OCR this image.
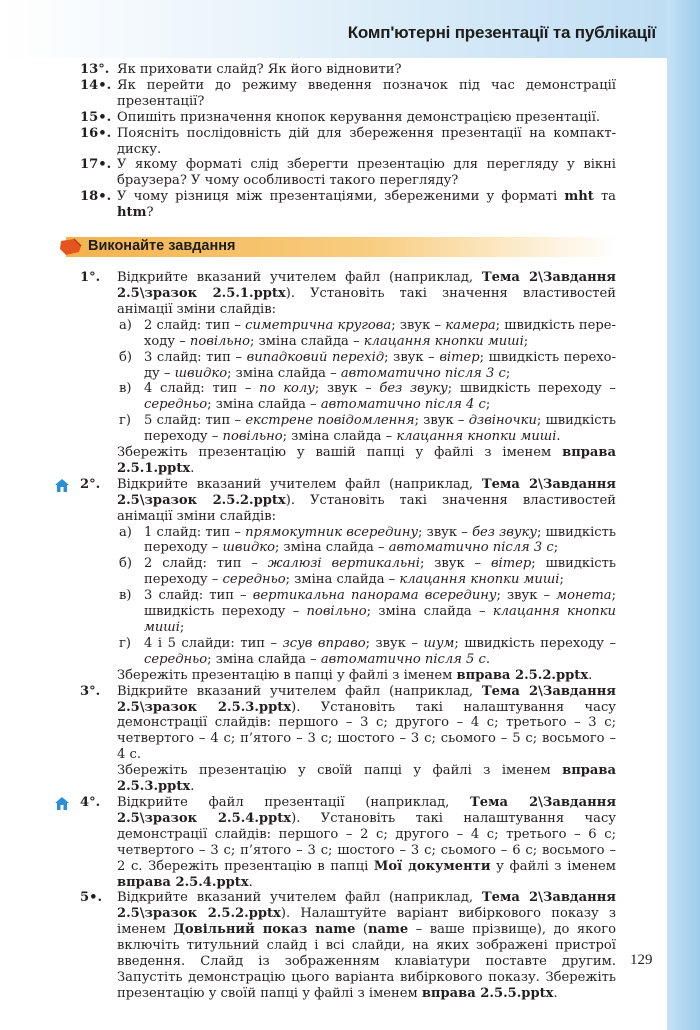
Комп'ютерні презентації та публікації

13°. Як приховати слайд? Як його відновити?

14•. Як перейти до режиму введення позначок під час демонстрації презентації?

15•. Опишіть призначення кнопок керування демонстрацією презентації.

16•. Поясніть послідовність дій для збереження презентації на компакт-диску.

17•. У якому форматі слід зберегти презентацію для перегляду у вікні браузера? У чому особливості такого перегляду?

18•. У чому різниця між презентаціями, збереженими у форматі mht та htm?

Виконайте завдання
1°. Відкрийте вказаний учителем файл (наприклад, Тема 2\Завдання 2.5\зразок 2.5.1.pptx). Установіть такі значення властивостей анімації зміни слайдів:
а) 2 слайд: тип – симетрична кругова; звук – камера; швидкість переходу – повільно; зміна слайда – клацання кнопки миші;
б) 3 слайд: тип – випадковий перехід; звук – вітер; швидкість переходу – швидко; зміна слайда – автоматично після 3 с;
в) 4 слайд: тип – по колу; звук – без звуку; швидкість переходу – середньо; зміна слайда – автоматично після 4 с;
г) 5 слайд: тип – екстрене повідомлення; звук – дзвіночки; швидкість переходу – повільно; зміна слайда – клацання кнопки миші.
Збережіть презентацію у вашій папці у файлі з іменем вправа 2.5.1.pptx.
2°. Відкрийте вказаний учителем файл (наприклад, Тема 2\Завдання 2.5\зразок 2.5.2.pptx). Установіть такі значення властивостей анімації зміни слайдів:
а) 1 слайд: тип – прямокутник всередину; звук – без звуку; швидкість переходу – швидко; зміна слайда – автоматично після 3 с;
б) 2 слайд: тип – жалюзі вертикальні; звук – вітер; швидкість переходу – середньо; зміна слайда – клацання кнопки миші;
в) 3 слайд: тип – вертикальна панорама всередину; звук – монета; швидкість переходу – повільно; зміна слайда – клацання кнопки миші;
г) 4 і 5 слайди: тип – зсув вправо; звук – шум; швидкість переходу – середньо; зміна слайда – автоматично після 5 с.
Збережіть презентацію в папці у файлі з іменем вправа 2.5.2.pptx.
3°. Відкрийте вказаний учителем файл (наприклад, Тема 2\Завдання 2.5\зразок 2.5.3.pptx). Установіть такі налаштування часу демонстрації слайдів: першого – 3 с; другого – 4 с; третього – 3 с; четвертого – 4 с; п’ятого – 3 с; шостого – 3 с; сьомого – 5 с; восьмого – 4 с.
Збережіть презентацію у своїй папці у файлі з іменем вправа 2.5.3.pptx.
4°. Відкрийте файл презентації (наприклад, Тема 2\Завдання 2.5\зразок 2.5.4.pptx). Установіть такі налаштування часу демонстрації слайдів: першого – 2 с; другого – 4 с; третього – 6 с; четвертого – 3 с; п’ятого – 3 с; шостого – 3 с; сьомого – 6 с; восьмого – 2 с. Збережіть презентацію в папці Мої документи у файлі з іменем вправа 2.5.4.pptx.
5•. Відкрийте вказаний учителем файл (наприклад, Тема 2\Завдання 2.5\зразок 2.5.2.pptx). Налаштуйте варіант вибіркового показу з іменем Довільний показ name (name – ваше прізвище), до якого включіть титульний слайд і всі слайди, на яких зображені пристрої введення. Слайд із зображенням клавіатури поставте другим. Запустіть демонстрацію цього варіанта вибіркового показу. Збережіть презентацію у своїй папці у файлі з іменем вправа 2.5.5.pptx.
129
